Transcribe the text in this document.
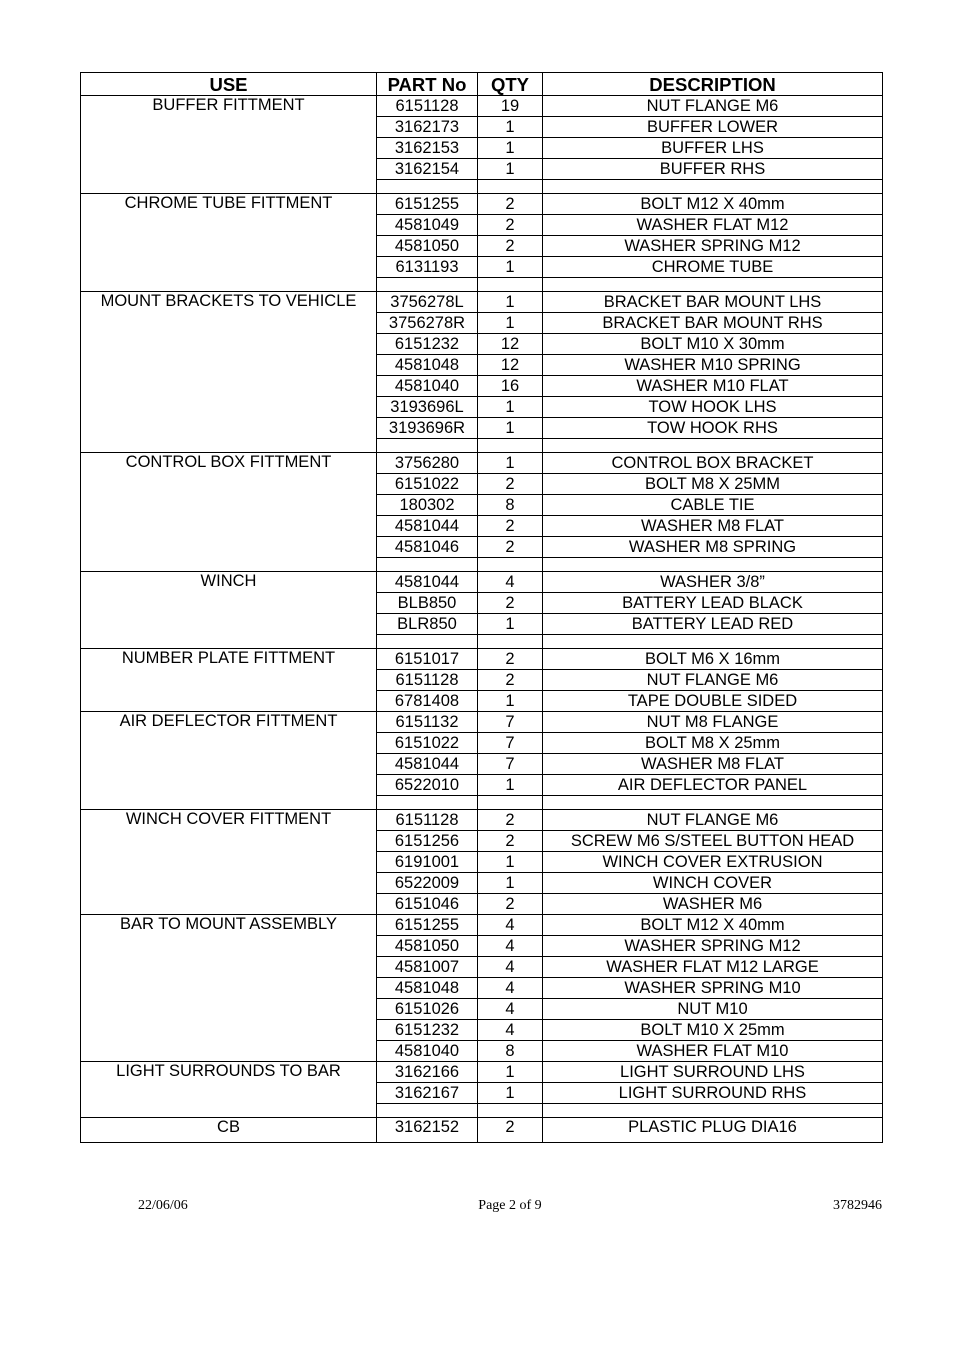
USE	PART No	QTY	DESCRIPTION
BUFFER FITTMENT	6151128	19	NUT FLANGE M6
	3162173	1	BUFFER LOWER
	3162153	1	BUFFER LHS
	3162154	1	BUFFER RHS

CHROME TUBE FITTMENT	6151255	2	BOLT M12 X 40mm
	4581049	2	WASHER FLAT M12
	4581050	2	WASHER SPRING M12
	6131193	1	CHROME TUBE

MOUNT BRACKETS TO VEHICLE	3756278L	1	BRACKET BAR MOUNT LHS
	3756278R	1	BRACKET BAR MOUNT RHS
	6151232	12	BOLT M10 X 30mm
	4581048	12	WASHER M10 SPRING
	4581040	16	WASHER M10 FLAT
	3193696L	1	TOW HOOK LHS
	3193696R	1	TOW HOOK RHS

CONTROL BOX FITTMENT	3756280	1	CONTROL BOX BRACKET
	6151022	2	BOLT M8 X 25MM
	180302	8	CABLE TIE
	4581044	2	WASHER M8 FLAT
	4581046	2	WASHER M8 SPRING

WINCH	4581044	4	WASHER 3/8”
	BLB850	2	BATTERY LEAD BLACK
	BLR850	1	BATTERY LEAD RED

NUMBER PLATE FITTMENT	6151017	2	BOLT M6 X 16mm
	6151128	2	NUT FLANGE M6
	6781408	1	TAPE DOUBLE SIDED
AIR DEFLECTOR FITTMENT	6151132	7	NUT M8 FLANGE
	6151022	7	BOLT M8 X 25mm
	4581044	7	WASHER M8 FLAT
	6522010	1	AIR DEFLECTOR PANEL

WINCH COVER FITTMENT	6151128	2	NUT FLANGE M6
	6151256	2	SCREW M6 S/STEEL BUTTON HEAD
	6191001	1	WINCH COVER EXTRUSION
	6522009	1	WINCH COVER
	6151046	2	WASHER M6
BAR TO MOUNT ASSEMBLY	6151255	4	BOLT M12 X 40mm
	4581050	4	WASHER SPRING M12
	4581007	4	WASHER FLAT M12 LARGE
	4581048	4	WASHER SPRING M10
	6151026	4	NUT M10
	6151232	4	BOLT M10 X 25mm
	4581040	8	WASHER FLAT M10
LIGHT SURROUNDS TO BAR	3162166	1	LIGHT SURROUND LHS
	3162167	1	LIGHT SURROUND RHS

CB	3162152	2	PLASTIC PLUG DIA16
22/06/06	Page 2 of 9	3782946
